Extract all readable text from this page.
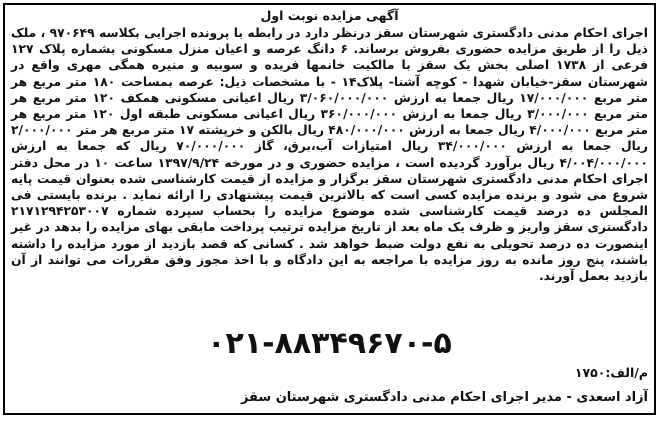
آگهی مزایده نوبت اول
اجرای احکام مدنی دادگستری شهرستان سقز درنظر دارد در رابطه با پرونده اجرایی بکلاسه ۹۷۰۶۴۹ ، ملک ذیل را از طریق مزایده حضوری بفروش برساند. ۶ دانگ عرصه و اعیان منزل مسکونی بشماره پلاک ۱۲۷ فرعی از ۱۷۳۸ اصلی بخش یک سقز با مالکیت خانمها فریده و سوبیه و منیره همگی مهری واقع در شهرستان سقز-خیابان شهدا - کوچه آشنا- پلاک۱۴ - با مشخصات ذیل: عرصه بمساحت ۱۸۰ متر مربع هر متر مربع ۱۷/۰۰۰/۰۰۰ ریال جمعا به ارزش ۳/۰۶۰/۰۰۰/۰۰۰ ریال اعیانی مسکونی همکف ۱۲۰ متر مربع هر متر مربع ۳/۰۰۰/۰۰۰ ریال جمعا به ارزش ۳۶۰/۰۰۰/۰۰۰ ریال اعیانی مسکونی طبقه اول ۱۲۰ متر مربع هر متر مربع ۴/۰۰۰/۰۰۰ ریال جمعا به ارزش ۴۸۰/۰۰۰/۰۰۰ ریال بالکن و خرپشته ۱۷ متر مربع هر متر ۲/۰۰۰/۰۰۰ ریال جمعا به ارزش ۳۴/۰۰۰/۰۰۰ ریال امتیازات آب،برق، گاز ۷۰/۰۰۰/۰۰۰ ریال که جمعا به ارزش ۴/۰۰۴/۰۰۰/۰۰۰ ریال برآورد گردیده است ، مزایده حضوری و در مورخه ۱۳۹۷/۹/۲۴ ساعت ۱۰ در محل دفتر اجرای احکام مدنی دادگستری شهرستان سقز برگزار و مزایده از قیمت کارشناسی شده بعنوان قیمت پایه شروع می شود و برنده مزایده کسی است که بالاترین قیمت پیشنهادی را ارائه نماید . برنده بایستی فی المجلس ده درصد قیمت کارشناسی شده موضوع مزایده را بحساب سپرده شماره ۲۱۷۱۲۹۴۲۵۳۰۰۷ دادگستری سقز واریز و ظرف یک ماه بعد از تاریخ مزایده ترتیب پرداخت مابقی بهای مزایده را بدهد در غیر اینصورت ده درصد تحویلی به نفع دولت ضبط خواهد شد . کسانی که قصد بازدید از مورد مزایده را داشته باشند، پنج روز مانده به روز مزایده با مراجعه به این دادگاه و با اخذ مجوز وفق مقررات می توانند از آن بازدید بعمل آورند.
۰۲۱-۸۸۳۴۹۶۷۰-۵
م/الف:۱۷۵۰
آزاد اسعدی - مدیر اجرای احکام مدنی دادگستری شهرستان سقز
